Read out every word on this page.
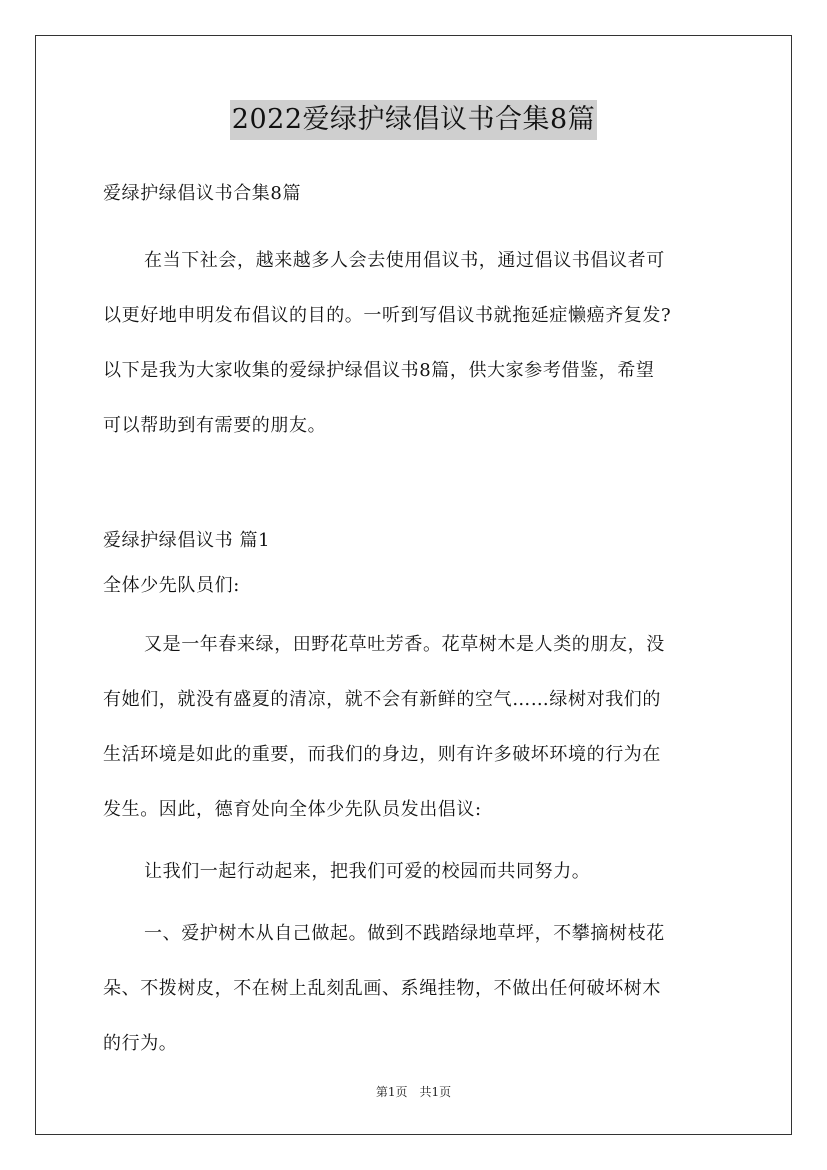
2022爱绿护绿倡议书合集8篇

爱绿护绿倡议书合集8篇

在当下社会，越来越多人会去使用倡议书，通过倡议书倡议者可

以更好地申明发布倡议的目的。一听到写倡议书就拖延症懒癌齐复发?

以下是我为大家收集的爱绿护绿倡议书8篇，供大家参考借鉴，希望

可以帮助到有需要的朋友。

爱绿护绿倡议书 篇1

全体少先队员们:

又是一年春来绿，田野花草吐芳香。花草树木是人类的朋友，没

有她们，就没有盛夏的清凉，就不会有新鲜的空气……绿树对我们的

生活环境是如此的重要，而我们的身边，则有许多破坏环境的行为在

发生。因此，德育处向全体少先队员发出倡议:

让我们一起行动起来，把我们可爱的校园而共同努力。

一、爱护树木从自己做起。做到不践踏绿地草坪，不攀摘树枝花

朵、不拨树皮，不在树上乱刻乱画、系绳挂物，不做出任何破坏树木

的行为。

第1页 共1页
